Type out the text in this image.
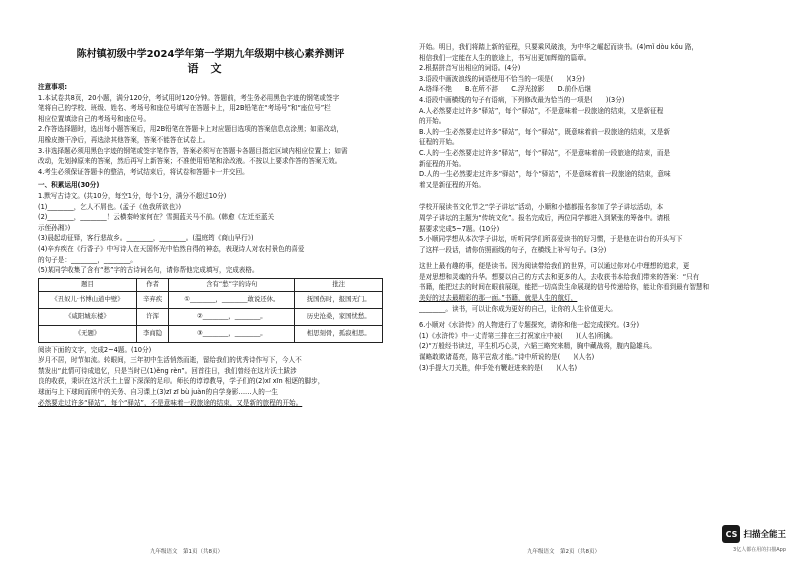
陈村镇初级中学2024学年第一学期九年级期中核心素养测评
语文

注意事项:

1.本试卷共8页，20小题，满分120分，考试用时120分钟。答题前，考生务必用黑色字迹的钢笔或签字

笔将自己的学校、班级、姓名、考场号和座位号填写在答题卡上，用2B铅笔在“考场号”和“座位号”栏

相应位置填涂自己的考场号和座位号。

2.作答选择题时，选出每小题答案后，用2B铅笔在答题卡上对应题目选项的答案信息点涂黑；如需改动，

用橡皮擦干净后，再选涂其他答案，答案不能答在试卷上。

3.非选择题必须用黑色字迹的钢笔或签字笔作答，答案必须写在答题卡各题目指定区域内相应位置上；如需

改动，先划掉原来的答案，然后再写上新答案；不准使用铅笔和涂改液。不按以上要求作答的答案无效。

4.考生必须保证答题卡的整洁，考试结束后，将试卷和答题卡一并交回。

一、积累运用(30分)

1.默写古诗文。(共10分，每空1分，每个1分，满分不超过10分)

(1)________，乞人不屑也。(孟子《鱼我所欲也》)

(2)________，________！云横秦岭家何在？雪拥蓝关马不前。(韩愈《左迁至蓝关

示侄孙湘》)

(3)晨起动征铎，客行悲故乡。________，________。(温庭筠《商山早行》)

(4)辛弃疾在《行香子》中写诗人在天国怀光中怡然自得的神态，表现诗人对农村景色的喜爱

的句子是：________，________。

(5)某同学收集了含有“愁”字的古诗词名句，请你帮他完成填写，完成表格。

题目	作者	含有“愁”字的诗句	批注
《丑奴儿·书博山道中壁》	辛弃疾	①________，________敢说还休。	抚国伤时，报国无门。
《咸阳城东楼》	许浑	②________，________。	历史沧桑，家国忧愁。
《无题》	李商隐	③________，________。	相思刻骨，孤寂相思。

阅读下面的文字，完成2~4题。(10分)

岁月不居，时节如流。转眼间，三年初中生活悄然而逝，留给我们的优秀诗作写下，今人不

禁发出“此情可待成追忆，只是当时已(1)ěng rèn”。回首往日，我们曾经在这片沃土跋涉

良的收获，秉识在这片沃土上留下深深的足印。师长的谆谆教导，学子们的(2)xī xīn 相逐的脚步，

球面与上下球间而所中的关务、自习课上(3)zī zī bù juàn的自学身影……人的一生

必然要走过许多“驿站”，每个“驿站”，不是意味着一段旅途的结束，又是新的旅程的开始。

九年级语文　第1页（共8页）

开始。明日，我们将踏上新的征程，只要乘风破浪，为中华之崛起而读书。(4)mǐ dòu kǒu 路，

相信我们一定能在人生的旅途上，书写出更加辉煌的篇章。

2.根据拼音写出相应的词语。(4分)

3.语段中画波浪线的词语使用不恰当的一项是(　　)(3分)

A.络绎不绝　　B.在所不辞　　C.浮光掠影　　D.前仆后继

4.语段中画横线的句子有语病，下列修改最为恰当的一项是(　　)(3分)

A.人必然要走过许多“驿站”，每个“驿站”，不是意味着一段旅途的结束，又是新征程

的开始。

B.人的一生必然要走过许多“驿站”，每个“驿站”，既意味着前一段旅途的结束，又是新

征程的开始。

C.人的一生必然要走过许多“驿站”，每个“驿站”，不是意味着前一段旅途的结束，而是

新征程的开始。

D.人的一生必然要走过许多“驿站”，每个“驿站”，不是意味着前一段旅途的结束，意味

着又是新征程的开始。

学校开展读书文化节之“学子讲坛”活动，小顺和小德都报名参加了学子讲坛活动，本

周学子讲坛的主题为“传统文化”。报名完成后，两位同学都进入到紧张的筹备中。请根

据要求完成5~7题。(10分)

5.小顺同学想从本次学子讲坛，听听同学们所喜爱读书的好习惯，于是他在讲台的开头写下

了这样一段话，请你仿照画线的句子，在横线上补写句子。(3分)

这世上最有趣的事，便是读书。因为阅读带给我们的世界，可以通过你对心中理想的追求，更

是对思想和灵魂的升华。想要以自己的方式去和更多的人，去收获书本给我们带来的答案：“只有

书籍，能把过去的时间在眼前展现，能把一切高贵生命展现的信号传递给你，能让你看到最有智慧和

美好的过去最精彩的那一面。”书籍，就是人生的航灯，

________。读书，可以让你成为更好的自己，让你的人生价值更大。

6.小顺对《水浒传》的人物进行了专题探究，请你和他一起完成探究。(3分)

(1)《水浒传》中一丈青第三排在三打祝家庄中被(　　)(人名)所擒。

(2)“万般经书读过，平生机巧心灵，六韬三略究来精，胸中藏战将，腹内隐雄兵。

谋略敢欺诸葛亮，陈平岂敌才能。”诗中所说的是(　　)(人名)

(3)手提大刀关胜，伸手处有鞭赶进来的是(　　)(人名)

九年级语文　第2页（共8页）
CS 扫描全能王
3亿人都在用的扫描App
